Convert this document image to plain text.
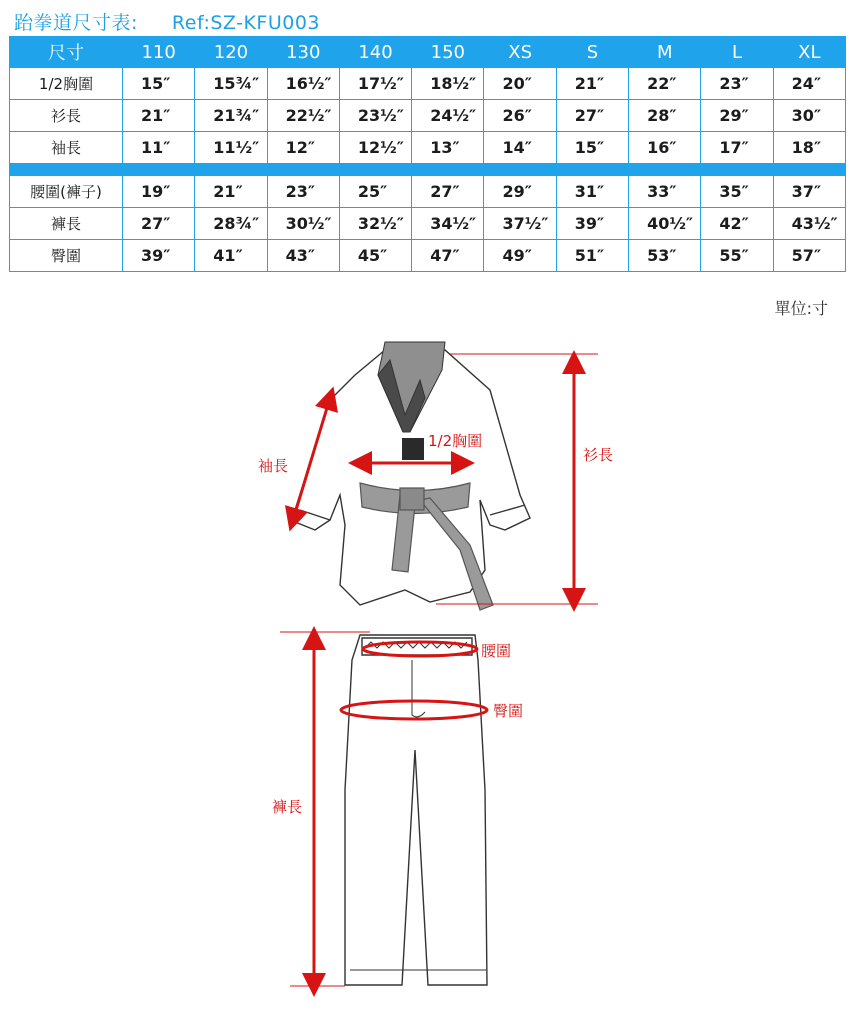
跆拳道尺寸表: Ref:SZ-KFU003
尺寸	110	120	130	140	150	XS	S	M	L	XL
1/2胸圍	15″	15¾″	16½″	17½″	18½″	20″	21″	22″	23″	24″
衫長	21″	21¾″	22½″	23½″	24½″	26″	27″	28″	29″	30″
袖長	11″	11½″	12″	12½″	13″	14″	15″	16″	17″	18″

腰圍(褲子)	19″	21″	23″	25″	27″	29″	31″	33″	35″	37″
褲長	27″	28¾″	30½″	32½″	34½″	37½″	39″	40½″	42″	43½″
臀圍	39″	41″	43″	45″	47″	49″	51″	53″	55″	57″
單位:寸
1/2胸圍
袖長
衫長
腰圍
臀圍
褲長
